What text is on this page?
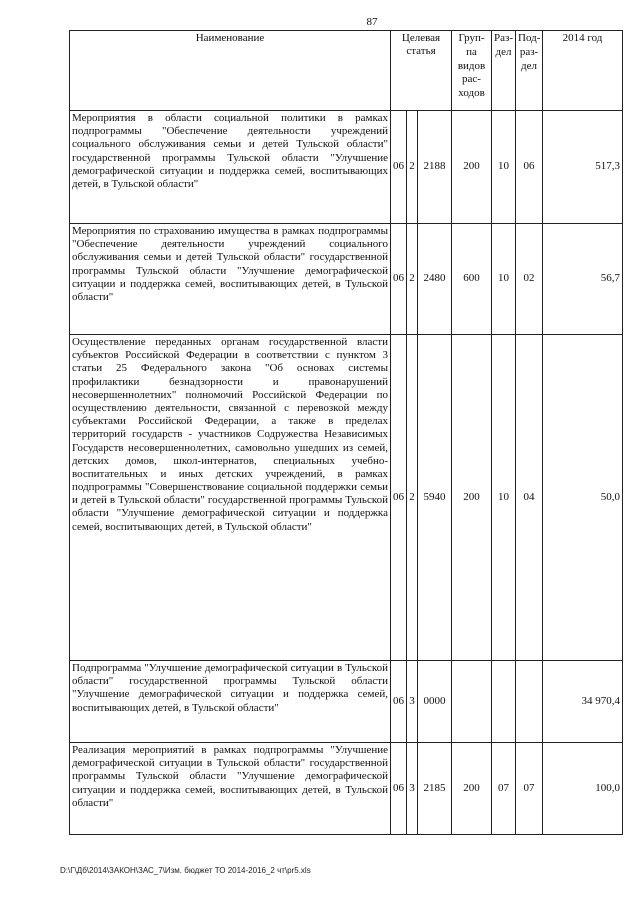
87
Наименование	Целевая статья			Груп-па видов рас-ходов	Раз-дел	Под-раз-дел	2014 год
Мероприятия в области социальной политики в рамках подпрограммы "Обеспечение деятельности учреждений социального обслуживания семьи и детей Тульской области" государственной программы Тульской области "Улучшение демографической ситуации и поддержка семей, воспитывающих детей, в Тульской области"	06	2	2188	200	10	06	517,3
Мероприятия по страхованию имущества в рамках подпрограммы "Обеспечение деятельности учреждений социального обслуживания семьи и детей Тульской области" государственной программы Тульской области "Улучшение демографической ситуации и поддержка семей, воспитывающих детей, в Тульской области"	06	2	2480	600	10	02	56,7
Осуществление переданных органам государственной власти субъектов Российской Федерации в соответствии с пунктом 3 статьи 25 Федерального закона "Об основах системы профилактики безнадзорности и правонарушений несовершеннолетних" полномочий Российской Федерации по осуществлению деятельности, связанной с перевозкой между субъектами Российской Федерации, а также в пределах территорий государств - участников Содружества Независимых Государств несовершеннолетних, самовольно ушедших из семей, детских домов, школ-интернатов, специальных учебно-воспитательных и иных детских учреждений, в рамках подпрограммы "Совершенствование социальной поддержки семьи и детей в Тульской области" государственной программы Тульской области "Улучшение демографической ситуации и поддержка семей, воспитывающих детей, в Тульской области"	06	2	5940	200	10	04	50,0
Подпрограмма "Улучшение демографической ситуации в Тульской области" государственной программы Тульской области "Улучшение демографической ситуации и поддержка семей, воспитывающих детей, в Тульской области"	06	3	0000				34 970,4
Реализация мероприятий в рамках подпрограммы "Улучшение демографической ситуации в Тульской области" государственной программы Тульской области "Улучшение демографической ситуации и поддержка семей, воспитывающих детей, в Тульской области"	06	3	2185	200	07	07	100,0
D:\Г\Дб\2014\ЗАКОН\ЗАС_7\Изм. бюджет ТО 2014-2016_2 чт\pr5.xls
